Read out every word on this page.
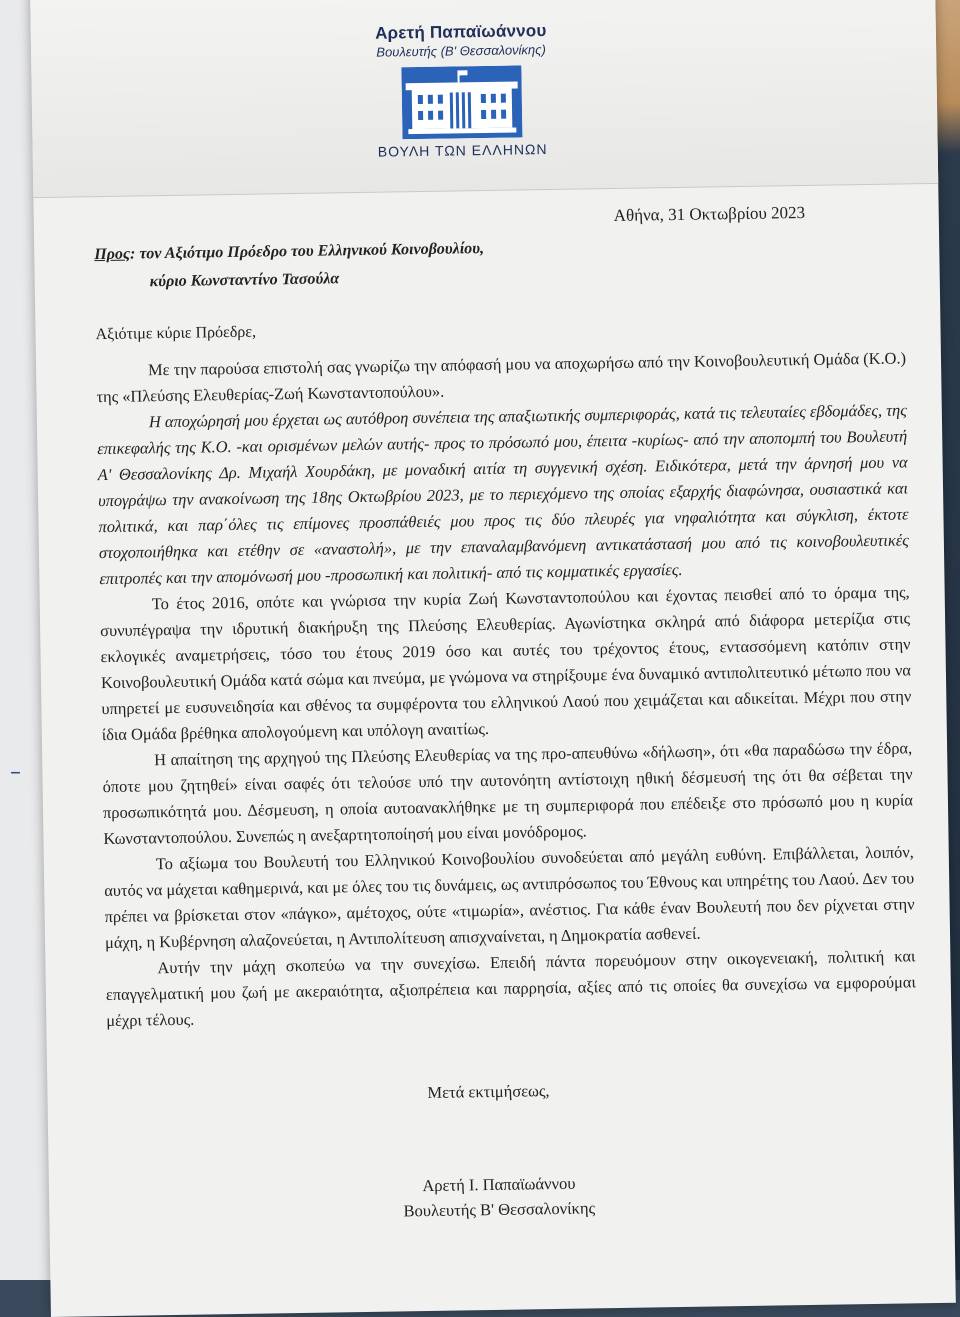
–
Αρετή Παπαϊωάννου
Βουλευτής (Β' Θεσσαλονίκης)
ΒΟΥΛΗ ΤΩΝ ΕΛΛΗΝΩΝ
Αθήνα, 31 Οκτωβρίου 2023
Προς: τον Αξιότιμο Πρόεδρο του Ελληνικού Κοινοβουλίου,
κύριο Κωνσταντίνο Τασούλα
Αξιότιμε κύριε Πρόεδρε,

Με την παρούσα επιστολή σας γνωρίζω την απόφασή μου να αποχωρήσω από την Κοινοβουλευτική Ομάδα (Κ.Ο.) της «Πλεύσης Ελευθερίας-Ζωή Κωνσταντοπούλου».

Η αποχώρησή μου έρχεται ως αυτόθροη συνέπεια της απαξιωτικής συμπεριφοράς, κατά τις τελευταίες εβδομάδες, της επικεφαλής της Κ.Ο. -και ορισμένων μελών αυτής- προς το πρόσωπό μου, έπειτα -κυρίως- από την αποπομπή του Βουλευτή Α' Θεσσαλονίκης Δρ. Μιχαήλ Χουρδάκη, με μοναδική αιτία τη συγγενική σχέση. Ειδικότερα, μετά την άρνησή μου να υπογράψω την ανακοίνωση της 18ης Οκτωβρίου 2023, με το περιεχόμενο της οποίας εξαρχής διαφώνησα, ουσιαστικά και πολιτικά, και παρ΄όλες τις επίμονες προσπάθειές μου προς τις δύο πλευρές για νηφαλιότητα και σύγκλιση, έκτοτε στοχοποιήθηκα και ετέθην σε «αναστολή», με την επαναλαμβανόμενη αντικατάστασή μου από τις κοινοβουλευτικές επιτροπές και την απομόνωσή μου -προσωπική και πολιτική- από τις κομματικές εργασίες.

Το έτος 2016, οπότε και γνώρισα την κυρία Ζωή Κωνσταντοπούλου και έχοντας πεισθεί από το όραμα της, συνυπέγραψα την ιδρυτική διακήρυξη της Πλεύσης Ελευθερίας. Αγωνίστηκα σκληρά από διάφορα μετερίζια στις εκλογικές αναμετρήσεις, τόσο του έτους 2019 όσο και αυτές του τρέχοντος έτους, εντασσόμενη κατόπιν στην Κοινοβουλευτική Ομάδα κατά σώμα και πνεύμα, με γνώμονα να στηρίξουμε ένα δυναμικό αντιπολιτευτικό μέτωπο που να υπηρετεί με ευσυνειδησία και σθένος τα συμφέροντα του ελληνικού Λαού που χειμάζεται και αδικείται. Μέχρι που στην ίδια Ομάδα βρέθηκα απολογούμενη και υπόλογη αναιτίως.

Η απαίτηση της αρχηγού της Πλεύσης Ελευθερίας να της προ-απευθύνω «δήλωση», ότι «θα παραδώσω την έδρα, όποτε μου ζητηθεί» είναι σαφές ότι τελούσε υπό την αυτονόητη αντίστοιχη ηθική δέσμευσή της ότι θα σέβεται την προσωπικότητά μου. Δέσμευση, η οποία αυτοανακλήθηκε με τη συμπεριφορά που επέδειξε στο πρόσωπό μου η κυρία Κωνσταντοπούλου. Συνεπώς η ανεξαρτητοποίησή μου είναι μονόδρομος.

Το αξίωμα του Βουλευτή του Ελληνικού Κοινοβουλίου συνοδεύεται από μεγάλη ευθύνη. Επιβάλλεται, λοιπόν, αυτός να μάχεται καθημερινά, και με όλες του τις δυνάμεις, ως αντιπρόσωπος του Έθνους και υπηρέτης του Λαού. Δεν του πρέπει να βρίσκεται στον «πάγκο», αμέτοχος, ούτε «τιμωρία», ανέστιος. Για κάθε έναν Βουλευτή που δεν ρίχνεται στην μάχη, η Κυβέρνηση αλαζονεύεται, η Αντιπολίτευση απισχναίνεται, η Δημοκρατία ασθενεί.

Αυτήν την μάχη σκοπεύω να την συνεχίσω. Επειδή πάντα πορευόμουν στην οικογενειακή, πολιτική και επαγγελματική μου ζωή με ακεραιότητα, αξιοπρέπεια και παρρησία, αξίες από τις οποίες θα συνεχίσω να εμφορούμαι μέχρι τέλους.

Μετά εκτιμήσεως,
Αρετή Ι. Παπαϊωάννου
Βουλευτής Β' Θεσσαλονίκης
